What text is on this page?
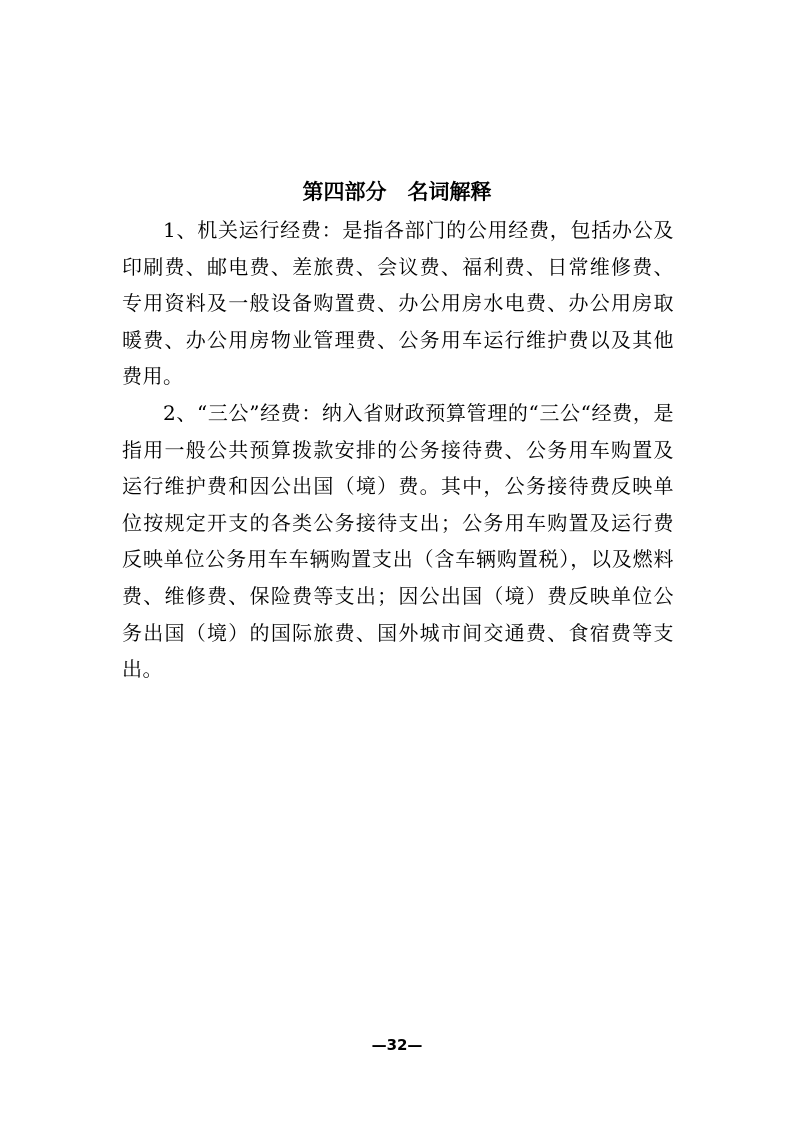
第四部分　名词解释

1、机关运行经费：是指各部门的公用经费，包括办公及印刷费、邮电费、差旅费、会议费、福利费、日常维修费、专用资料及一般设备购置费、办公用房水电费、办公用房取暖费、办公用房物业管理费、公务用车运行维护费以及其他费用。

2、“三公”经费：纳入省财政预算管理的“三公“经费，是指用一般公共预算拨款安排的公务接待费、公务用车购置及运行维护费和因公出国（境）费。其中，公务接待费反映单位按规定开支的各类公务接待支出；公务用车购置及运行费反映单位公务用车车辆购置支出（含车辆购置税），以及燃料费、维修费、保险费等支出；因公出国（境）费反映单位公务出国（境）的国际旅费、国外城市间交通费、食宿费等支出。

—32—
